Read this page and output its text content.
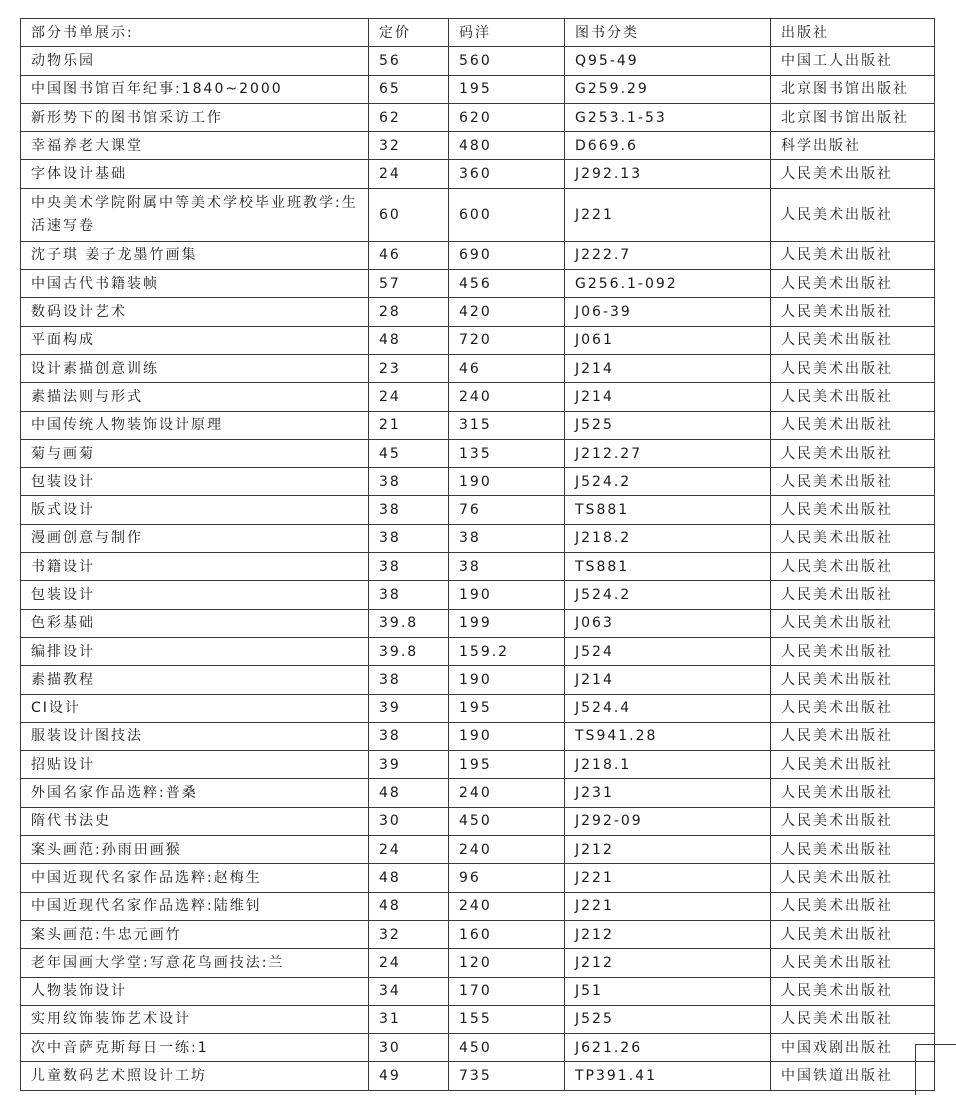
部分书单展示:	定价	码洋	图书分类	出版社
动物乐园	56	560	Q95-49	中国工人出版社
中国图书馆百年纪事:1840~2000	65	195	G259.29	北京图书馆出版社
新形势下的图书馆采访工作	62	620	G253.1-53	北京图书馆出版社
幸福养老大课堂	32	480	D669.6	科学出版社
字体设计基础	24	360	J292.13	人民美术出版社
中央美术学院附属中等美术学校毕业班教学:生活速写卷	60	600	J221	人民美术出版社
沈子琪 姜子龙墨竹画集	46	690	J222.7	人民美术出版社
中国古代书籍装帧	57	456	G256.1-092	人民美术出版社
数码设计艺术	28	420	J06-39	人民美术出版社
平面构成	48	720	J061	人民美术出版社
设计素描创意训练	23	46	J214	人民美术出版社
素描法则与形式	24	240	J214	人民美术出版社
中国传统人物装饰设计原理	21	315	J525	人民美术出版社
菊与画菊	45	135	J212.27	人民美术出版社
包装设计	38	190	J524.2	人民美术出版社
版式设计	38	76	TS881	人民美术出版社
漫画创意与制作	38	38	J218.2	人民美术出版社
书籍设计	38	38	TS881	人民美术出版社
包装设计	38	190	J524.2	人民美术出版社
色彩基础	39.8	199	J063	人民美术出版社
编排设计	39.8	159.2	J524	人民美术出版社
素描教程	38	190	J214	人民美术出版社
CI设计	39	195	J524.4	人民美术出版社
服装设计图技法	38	190	TS941.28	人民美术出版社
招贴设计	39	195	J218.1	人民美术出版社
外国名家作品选粹:普桑	48	240	J231	人民美术出版社
隋代书法史	30	450	J292-09	人民美术出版社
案头画范:孙雨田画猴	24	240	J212	人民美术出版社
中国近现代名家作品选粹:赵梅生	48	96	J221	人民美术出版社
中国近现代名家作品选粹:陆维钊	48	240	J221	人民美术出版社
案头画范:牛忠元画竹	32	160	J212	人民美术出版社
老年国画大学堂:写意花鸟画技法:兰	24	120	J212	人民美术出版社
人物装饰设计	34	170	J51	人民美术出版社
实用纹饰装饰艺术设计	31	155	J525	人民美术出版社
次中音萨克斯每日一练:1	30	450	J621.26	中国戏剧出版社
儿童数码艺术照设计工坊	49	735	TP391.41	中国铁道出版社
